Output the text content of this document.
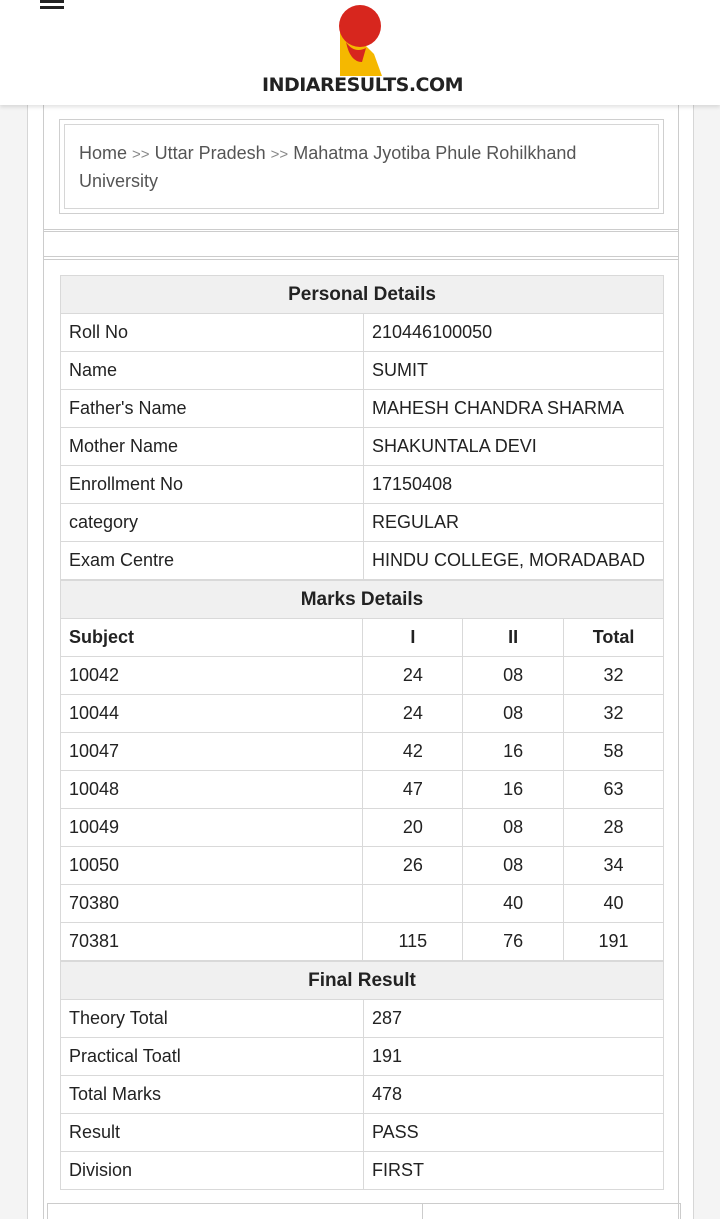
INDIARESULTS.COM
Home >> Uttar Pradesh >> Mahatma Jyotiba Phule Rohilkhand University
Personal Details	
Roll No	210446100050
Name	SUMIT
Father's Name	MAHESH CHANDRA SHARMA
Mother Name	SHAKUNTALA DEVI
Enrollment No	17150408
category	REGULAR
Exam Centre	HINDU COLLEGE, MORADABAD
Marks Details			
Subject	I	II	Total
10042	24	08	32
10044	24	08	32
10047	42	16	58
10048	47	16	63
10049	20	08	28
10050	26	08	34
70380		40	40
70381	115	76	191
Final Result	
Theory Total	287
Practical Toatl	191
Total Marks	478
Result	PASS
Division	FIRST
